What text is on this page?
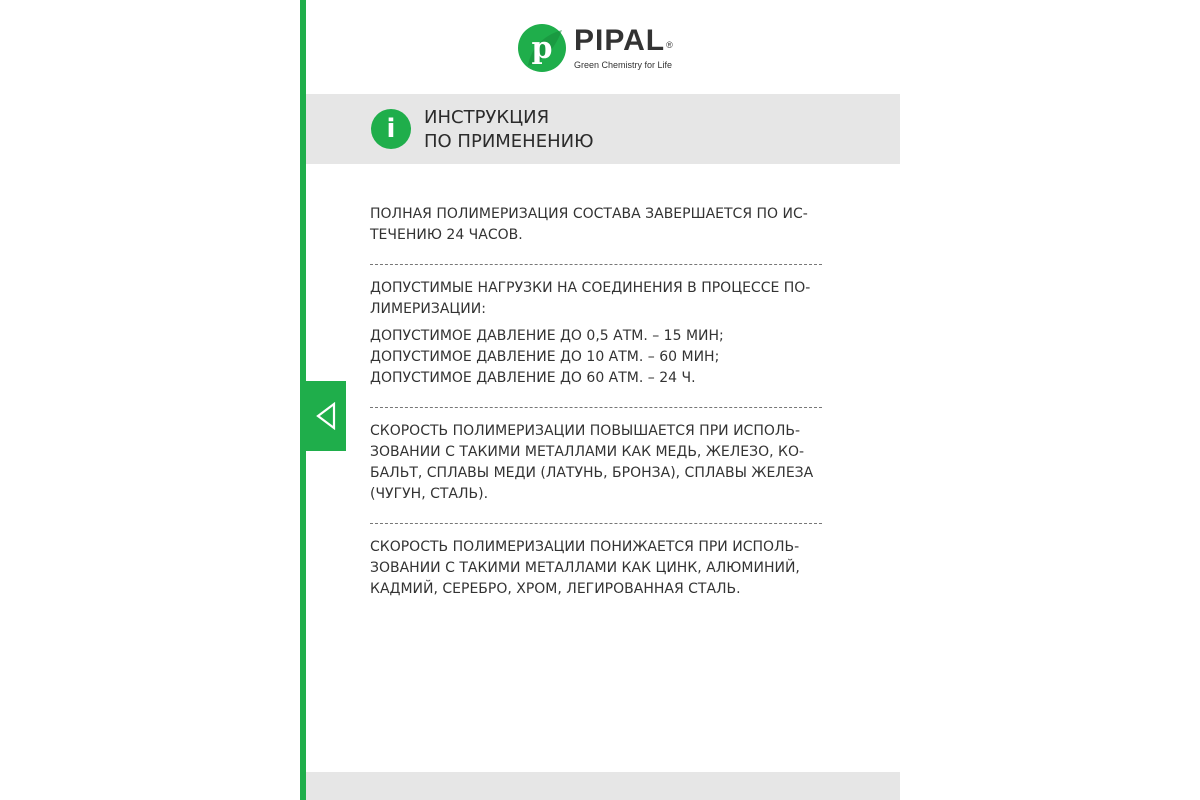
p PIPAL®
Green Chemistry for Life
i	ИНСТРУКЦИЯ
ПО ПРИМЕНЕНИЮ

ПОЛНАЯ ПОЛИМЕРИЗАЦИЯ СОСТАВА ЗАВЕРШАЕТСЯ ПО ИС-
ТЕЧЕНИЮ 24 ЧАСОВ.

ДОПУСТИМЫЕ НАГРУЗКИ НА СОЕДИНЕНИЯ В ПРОЦЕССЕ ПО-
ЛИМЕРИЗАЦИИ:

ДОПУСТИМОЕ ДАВЛЕНИЕ ДО 0,5 АТМ. – 15 МИН;
ДОПУСТИМОЕ ДАВЛЕНИЕ ДО 10 АТМ. – 60 МИН;
ДОПУСТИМОЕ ДАВЛЕНИЕ ДО 60 АТМ. – 24 Ч.

СКОРОСТЬ ПОЛИМЕРИЗАЦИИ ПОВЫШАЕТСЯ ПРИ ИСПОЛЬ-
ЗОВАНИИ С ТАКИМИ МЕТАЛЛАМИ КАК МЕДЬ, ЖЕЛЕЗО, КО-
БАЛЬТ, СПЛАВЫ МЕДИ (ЛАТУНЬ, БРОНЗА), СПЛАВЫ ЖЕЛЕЗА
(ЧУГУН, СТАЛЬ).

СКОРОСТЬ ПОЛИМЕРИЗАЦИИ ПОНИЖАЕТСЯ ПРИ ИСПОЛЬ-
ЗОВАНИИ С ТАКИМИ МЕТАЛЛАМИ КАК ЦИНК, АЛЮМИНИЙ,
КАДМИЙ, СЕРЕБРО, ХРОМ, ЛЕГИРОВАННАЯ СТАЛЬ.
